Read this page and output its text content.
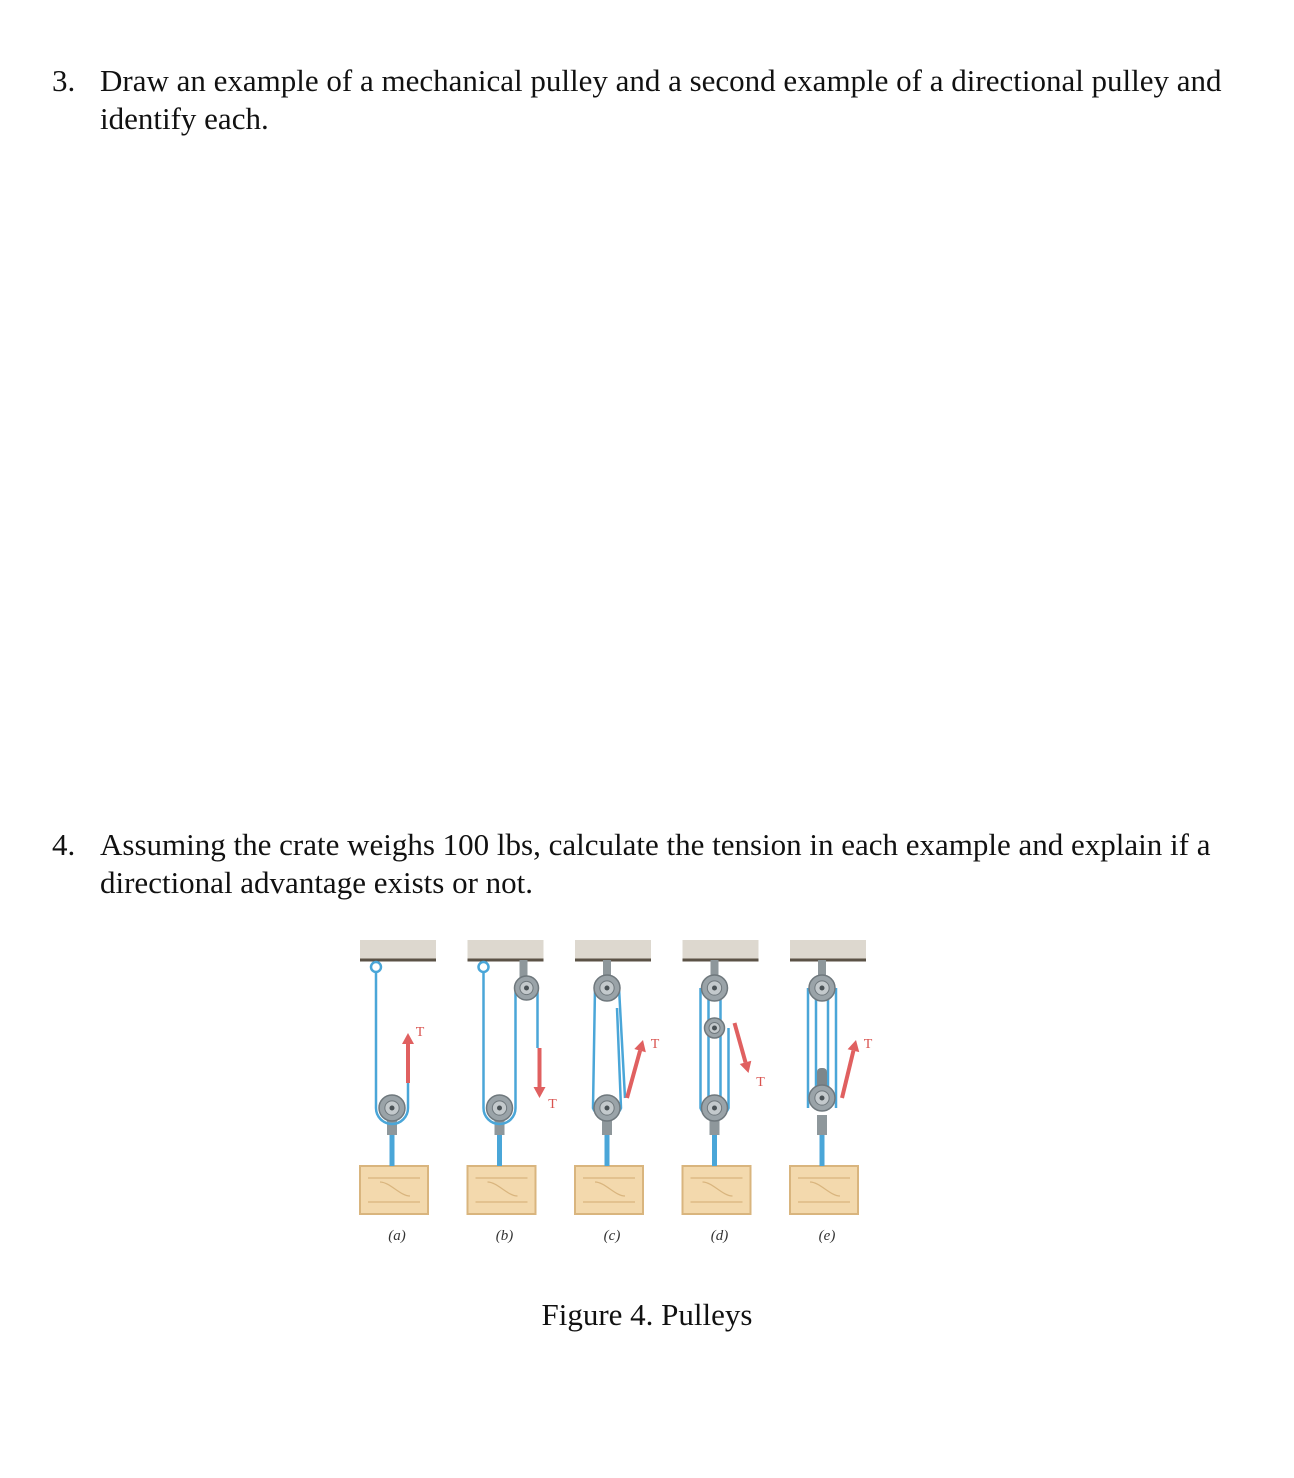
3. Draw an example of a mechanical pulley and a second example of a directional pulley and identify each.
4. Assuming the crate weighs 100 lbs, calculate the tension in each example and explain if a directional advantage exists or not.
T
(a)
T
(b)
T
(c)
T
(d)
T
(e)
Figure 4. Pulleys
